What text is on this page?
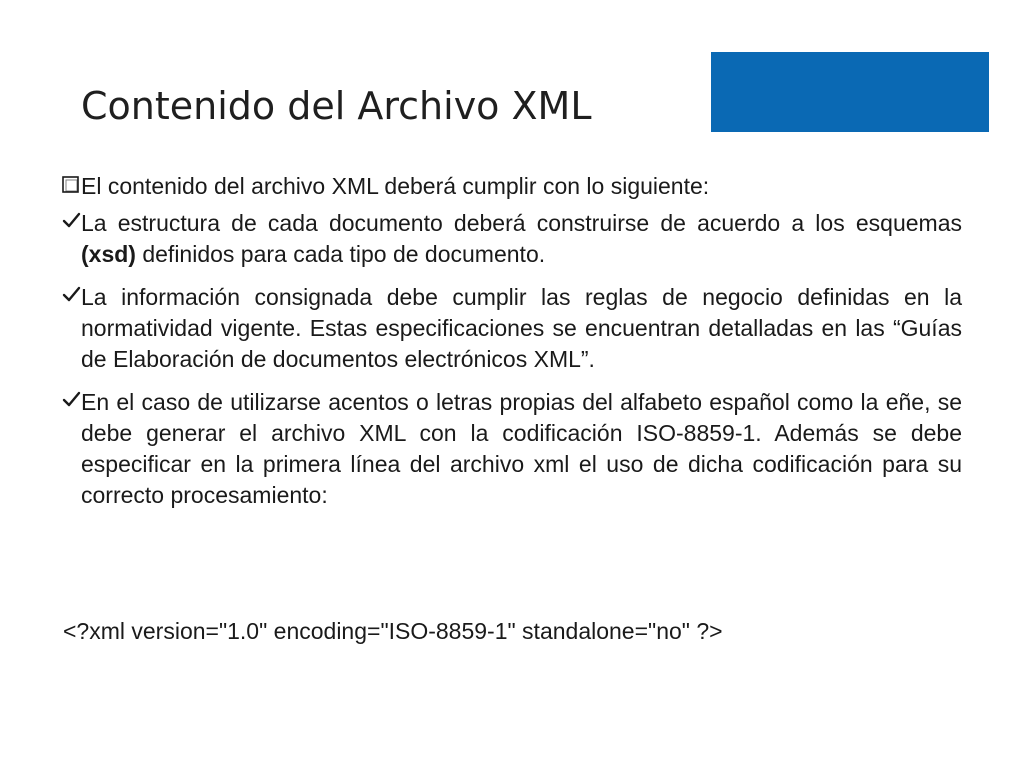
Contenido del Archivo XML
El contenido del archivo XML deberá cumplir con lo siguiente:
La estructura de cada documento deberá construirse de acuerdo a los esquemas (xsd) definidos para cada tipo de documento.
La información consignada debe cumplir las reglas de negocio definidas en la normatividad vigente. Estas especificaciones se encuentran detalladas en las “Guías de Elaboración de documentos electrónicos XML”.
En el caso de utilizarse acentos o letras propias del alfabeto español como la eñe, se debe generar el archivo XML con la codificación ISO-8859-1. Además se debe especificar en la primera línea del archivo xml el uso de dicha codificación para su correcto procesamiento:
<?xml version="1.0" encoding="ISO-8859-1" standalone="no" ?>
